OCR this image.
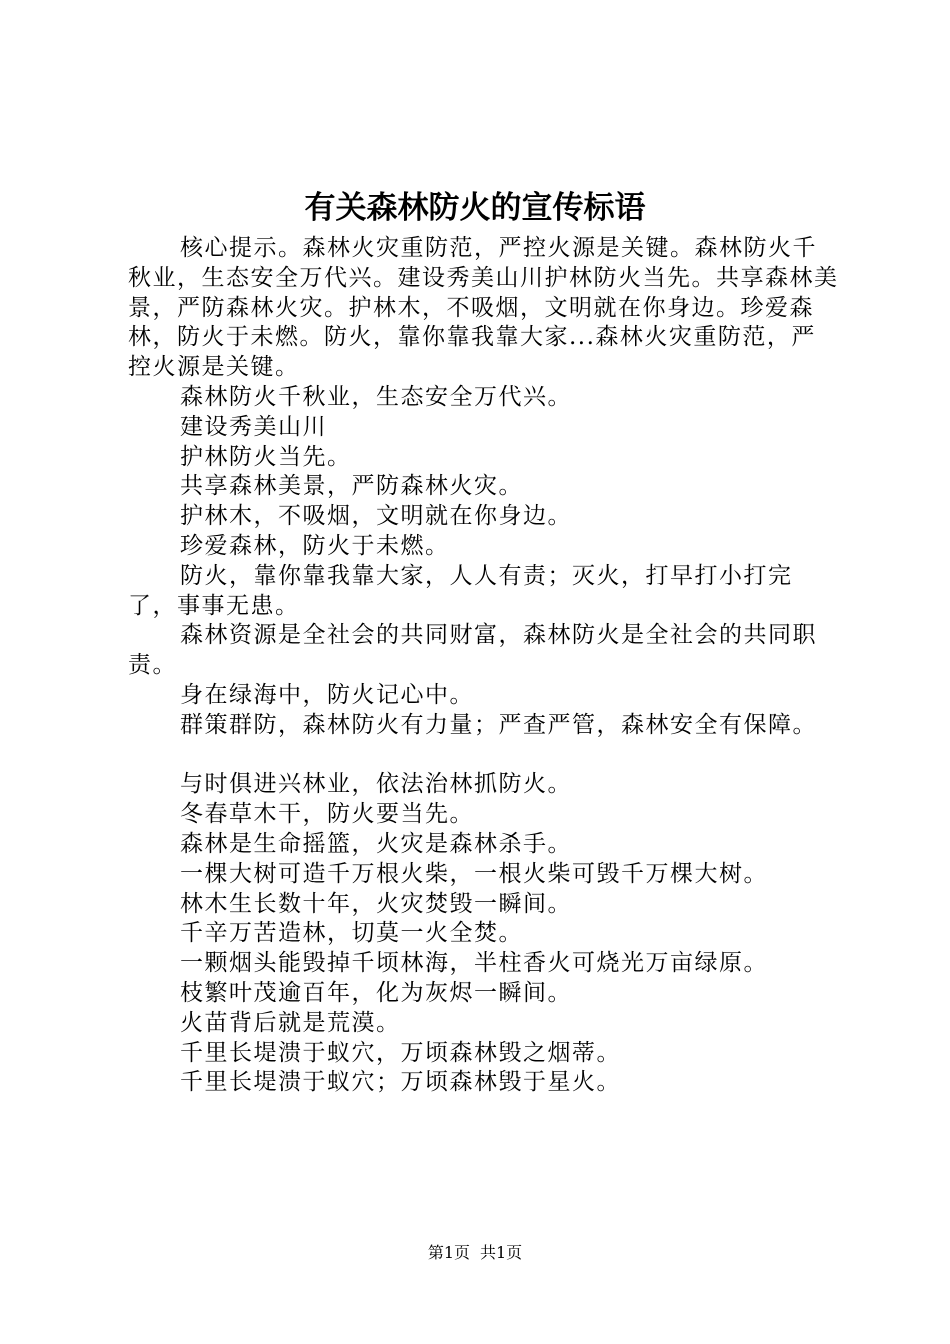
有关森林防火的宣传标语

核心提示。森林火灾重防范，严控火源是关键。森林防火千秋业，生态安全万代兴。建设秀美山川护林防火当先。共享森林美景，严防森林火灾。护林木，不吸烟，文明就在你身边。珍爱森林，防火于未燃。防火，靠你靠我靠大家...森林火灾重防范，严控火源是关键。

森林防火千秋业，生态安全万代兴。

建设秀美山川

护林防火当先。

共享森林美景，严防森林火灾。

护林木，不吸烟，文明就在你身边。

珍爱森林，防火于未燃。

防火，靠你靠我靠大家，人人有责；灭火，打早打小打完了，事事无患。

森林资源是全社会的共同财富，森林防火是全社会的共同职责。

身在绿海中，防火记心中。

群策群防，森林防火有力量；严查严管，森林安全有保障。

与时俱进兴林业，依法治林抓防火。

冬春草木干，防火要当先。

森林是生命摇篮，火灾是森林杀手。

一棵大树可造千万根火柴，一根火柴可毁千万棵大树。

林木生长数十年，火灾焚毁一瞬间。

千辛万苦造林，切莫一火全焚。

一颗烟头能毁掉千顷林海，半柱香火可烧光万亩绿原。

枝繁叶茂逾百年，化为灰烬一瞬间。

火苗背后就是荒漠。

千里长堤溃于蚁穴，万顷森林毁之烟蒂。

千里长堤溃于蚁穴；万顷森林毁于星火。

第1页 共1页
